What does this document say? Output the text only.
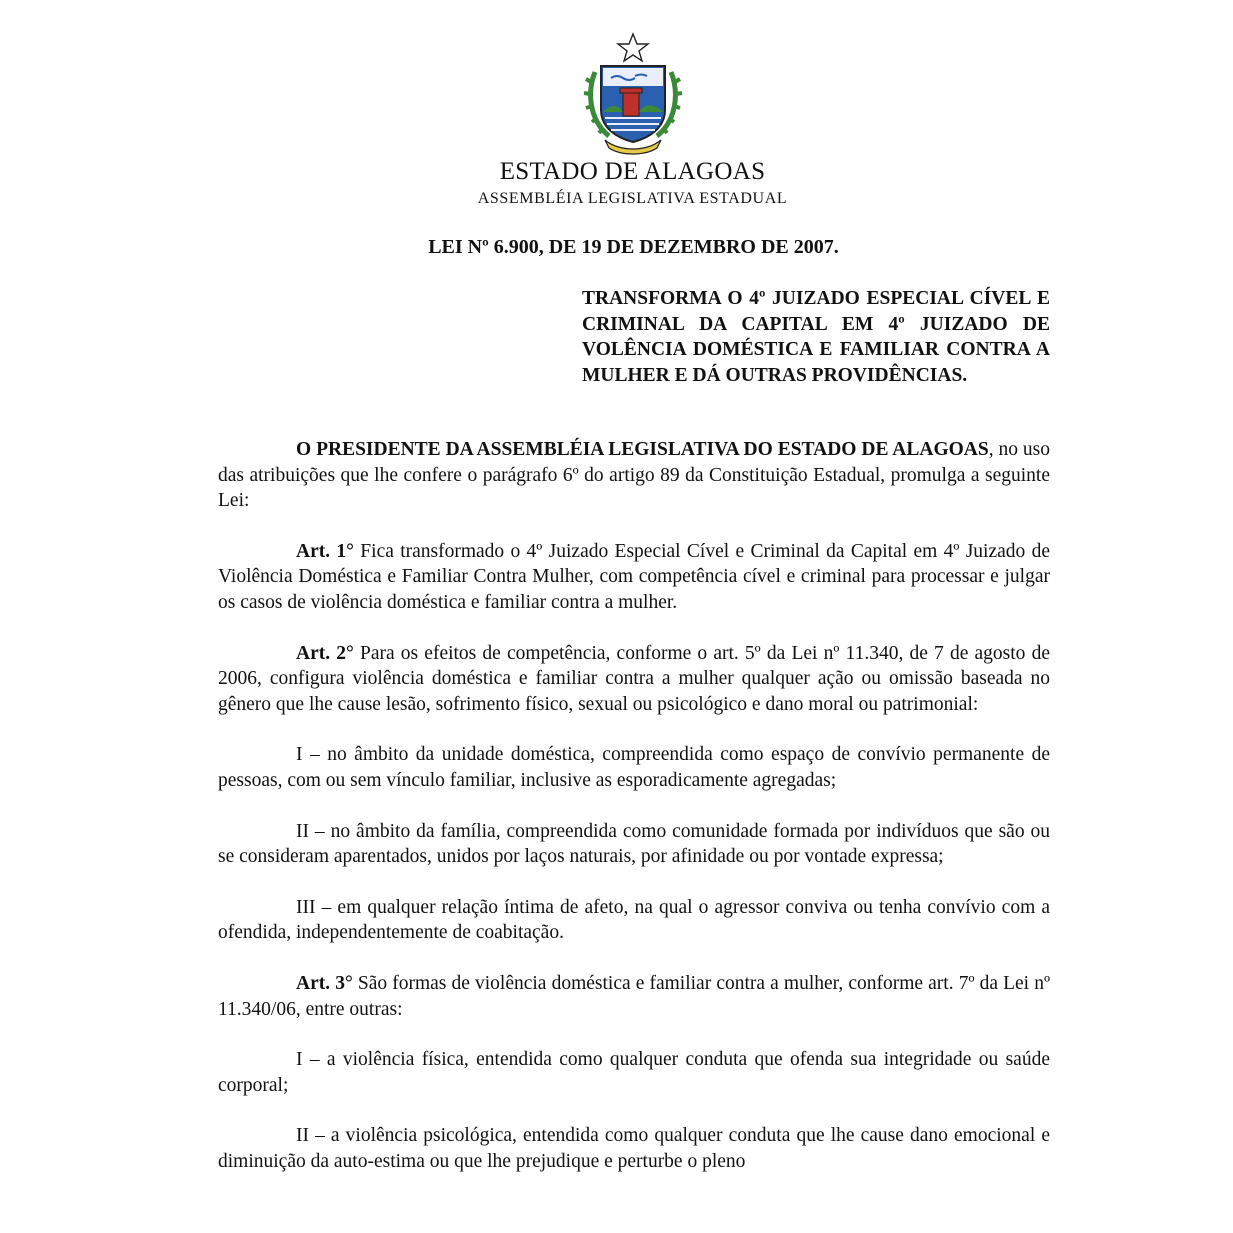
ESTADO DE ALAGOAS
ASSEMBLÉIA LEGISLATIVA ESTADUAL
LEI Nº 6.900, DE 19 DE DEZEMBRO DE 2007.
TRANSFORMA O 4º JUIZADO ESPECIAL CÍVEL E CRIMINAL DA CAPITAL EM 4º JUIZADO DE VOLÊNCIA DOMÉSTICA E FAMILIAR CONTRA A MULHER E DÁ OUTRAS PROVIDÊNCIAS.

O PRESIDENTE DA ASSEMBLÉIA LEGISLATIVA DO ESTADO DE ALAGOAS, no uso das atribuições que lhe confere o parágrafo 6º do artigo 89 da Constituição Estadual, promulga a seguinte Lei:

Art. 1° Fica transformado o 4º Juizado Especial Cível e Criminal da Capital em 4º Juizado de Violência Doméstica e Familiar Contra Mulher, com competência cível e criminal para processar e julgar os casos de violência doméstica e familiar contra a mulher.

Art. 2° Para os efeitos de competência, conforme o art. 5º da Lei nº 11.340, de 7 de agosto de 2006, configura violência doméstica e familiar contra a mulher qualquer ação ou omissão baseada no gênero que lhe cause lesão, sofrimento físico, sexual ou psicológico e dano moral ou patrimonial:

I – no âmbito da unidade doméstica, compreendida como espaço de convívio permanente de pessoas, com ou sem vínculo familiar, inclusive as esporadicamente agregadas;

II – no âmbito da família, compreendida como comunidade formada por indivíduos que são ou se consideram aparentados, unidos por laços naturais, por afinidade ou por vontade expressa;

III – em qualquer relação íntima de afeto, na qual o agressor conviva ou tenha convívio com a ofendida, independentemente de coabitação.

Art. 3° São formas de violência doméstica e familiar contra a mulher, conforme art. 7º da Lei nº 11.340/06, entre outras:

I – a violência física, entendida como qualquer conduta que ofenda sua integridade ou saúde corporal;

II – a violência psicológica, entendida como qualquer conduta que lhe cause dano emocional e diminuição da auto-estima ou que lhe prejudique e perturbe o pleno
